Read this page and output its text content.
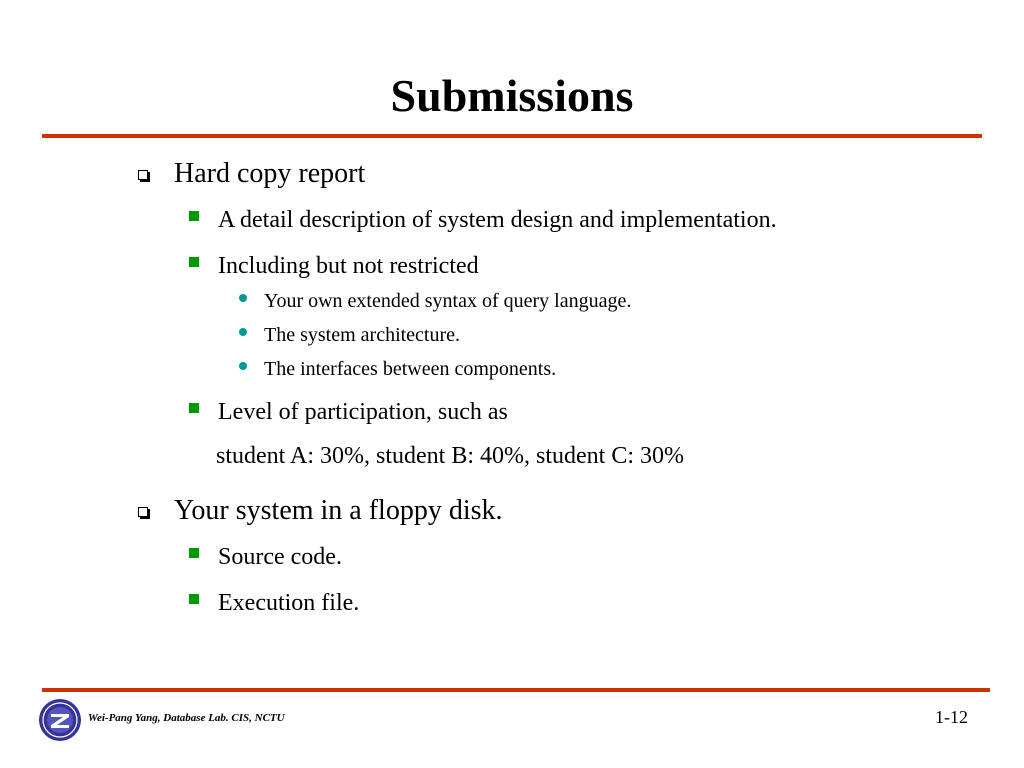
Submissions
Hard copy report
A detail description of system design and implementation.
Including but not restricted
Your own extended syntax of query language.
The system architecture.
The interfaces between components.
Level of participation, such as
student A: 30%, student B: 40%, student C: 30%
Your system in a floppy disk.
Source code.
Execution file.
Wei-Pang Yang, Database Lab. CIS, NCTU	1-12
